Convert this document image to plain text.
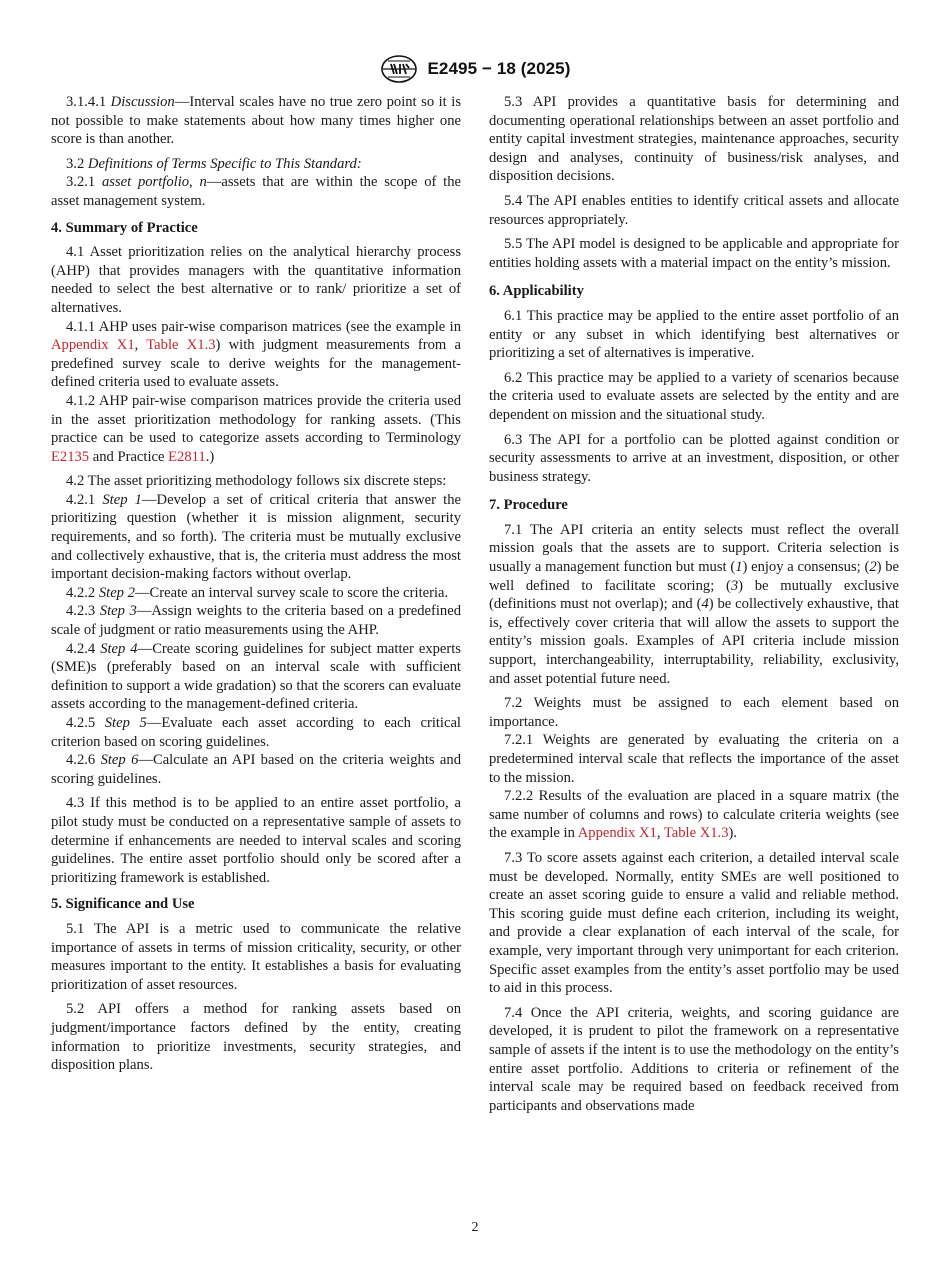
E2495 − 18 (2025)

3.1.4.1 Discussion—Interval scales have no true zero point so it is not possible to make statements about how many times higher one score is than another.

3.2 Definitions of Terms Specific to This Standard:

3.2.1 asset portfolio, n—assets that are within the scope of the asset management system.

4. Summary of Practice

4.1 Asset prioritization relies on the analytical hierarchy process (AHP) that provides managers with the quantitative information needed to select the best alternative or to rank/ prioritize a set of alternatives.

4.1.1 AHP uses pair-wise comparison matrices (see the example in Appendix X1, Table X1.3) with judgment measurements from a predefined survey scale to derive weights for the management-defined criteria used to evaluate assets.

4.1.2 AHP pair-wise comparison matrices provide the criteria used in the asset prioritization methodology for ranking assets. (This practice can be used to categorize assets according to Terminology E2135 and Practice E2811.)

4.2 The asset prioritizing methodology follows six discrete steps:

4.2.1 Step 1—Develop a set of critical criteria that answer the prioritizing question (whether it is mission alignment, security requirements, and so forth). The criteria must be mutually exclusive and collectively exhaustive, that is, the criteria must address the most important decision-making factors without overlap.

4.2.2 Step 2—Create an interval survey scale to score the criteria.

4.2.3 Step 3—Assign weights to the criteria based on a predefined scale of judgment or ratio measurements using the AHP.

4.2.4 Step 4—Create scoring guidelines for subject matter experts (SME)s (preferably based on an interval scale with sufficient definition to support a wide gradation) so that the scorers can evaluate assets according to the management-defined criteria.

4.2.5 Step 5—Evaluate each asset according to each critical criterion based on scoring guidelines.

4.2.6 Step 6—Calculate an API based on the criteria weights and scoring guidelines.

4.3 If this method is to be applied to an entire asset portfolio, a pilot study must be conducted on a representative sample of assets to determine if enhancements are needed to interval scales and scoring guidelines. The entire asset portfolio should only be scored after a prioritizing framework is established.

5. Significance and Use

5.1 The API is a metric used to communicate the relative importance of assets in terms of mission criticality, security, or other measures important to the entity. It establishes a basis for evaluating prioritization of asset resources.

5.2 API offers a method for ranking assets based on judgment/importance factors defined by the entity, creating information to prioritize investments, security strategies, and disposition plans.

5.3 API provides a quantitative basis for determining and documenting operational relationships between an asset portfolio and entity capital investment strategies, maintenance approaches, security design and analyses, continuity of business/risk analyses, and disposition decisions.

5.4 The API enables entities to identify critical assets and allocate resources appropriately.

5.5 The API model is designed to be applicable and appropriate for entities holding assets with a material impact on the entity’s mission.

6. Applicability

6.1 This practice may be applied to the entire asset portfolio of an entity or any subset in which identifying best alternatives or prioritizing a set of alternatives is imperative.

6.2 This practice may be applied to a variety of scenarios because the criteria used to evaluate assets are selected by the entity and are dependent on mission and the situational study.

6.3 The API for a portfolio can be plotted against condition or security assessments to arrive at an investment, disposition, or other business strategy.

7. Procedure

7.1 The API criteria an entity selects must reflect the overall mission goals that the assets are to support. Criteria selection is usually a management function but must (1) enjoy a consensus; (2) be well defined to facilitate scoring; (3) be mutually exclusive (definitions must not overlap); and (4) be collectively exhaustive, that is, effectively cover criteria that will allow the assets to support the entity’s mission goals. Examples of API criteria include mission support, interchangeability, interruptability, reliability, exclusivity, and asset potential future need.

7.2 Weights must be assigned to each element based on importance.

7.2.1 Weights are generated by evaluating the criteria on a predetermined interval scale that reflects the importance of the asset to the mission.

7.2.2 Results of the evaluation are placed in a square matrix (the same number of columns and rows) to calculate criteria weights (see the example in Appendix X1, Table X1.3).

7.3 To score assets against each criterion, a detailed interval scale must be developed. Normally, entity SMEs are well positioned to create an asset scoring guide to ensure a valid and reliable method. This scoring guide must define each criterion, including its weight, and provide a clear explanation of each interval of the scale, for example, very important through very unimportant for each criterion. Specific asset examples from the entity’s asset portfolio may be used to aid in this process.

7.4 Once the API criteria, weights, and scoring guidance are developed, it is prudent to pilot the framework on a representative sample of assets if the intent is to use the methodology on the entity’s entire asset portfolio. Additions to criteria or refinement of the interval scale may be required based on feedback received from participants and observations made

2
